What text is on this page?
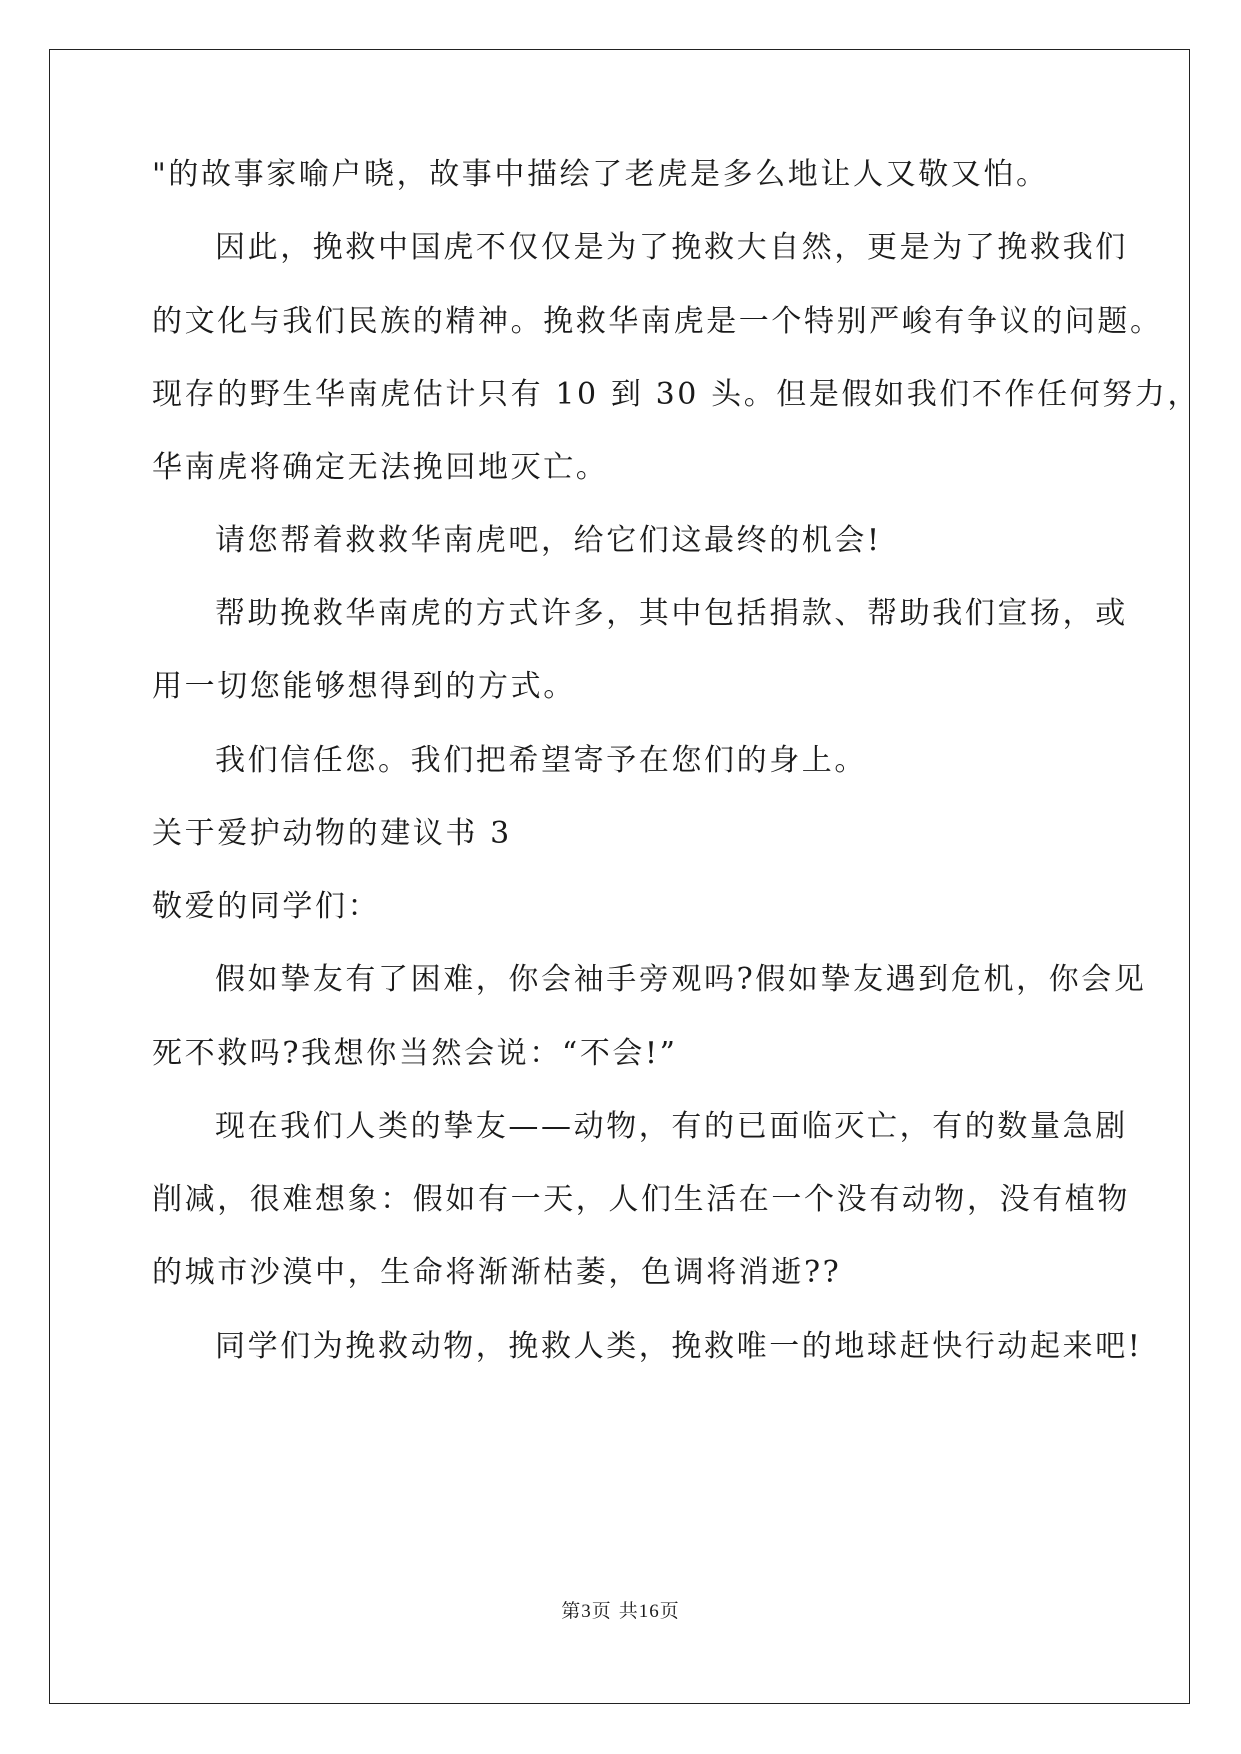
"的故事家喻户晓，故事中描绘了老虎是多么地让人又敬又怕。
因此，挽救中国虎不仅仅是为了挽救大自然，更是为了挽救我们
的文化与我们民族的精神。挽救华南虎是一个特别严峻有争议的问题。
现存的野生华南虎估计只有 10 到 30 头。但是假如我们不作任何努力，
华南虎将确定无法挽回地灭亡。
请您帮着救救华南虎吧，给它们这最终的机会!
帮助挽救华南虎的方式许多，其中包括捐款、帮助我们宣扬，或
用一切您能够想得到的方式。
我们信任您。我们把希望寄予在您们的身上。
关于爱护动物的建议书 3
敬爱的同学们：
假如挚友有了困难，你会袖手旁观吗?假如挚友遇到危机，你会见
死不救吗?我想你当然会说：“不会!”
现在我们人类的挚友——动物，有的已面临灭亡，有的数量急剧
削减，很难想象：假如有一天，人们生活在一个没有动物，没有植物
的城市沙漠中，生命将渐渐枯萎，色调将消逝??
同学们为挽救动物，挽救人类，挽救唯一的地球赶快行动起来吧!
第3页 共16页
